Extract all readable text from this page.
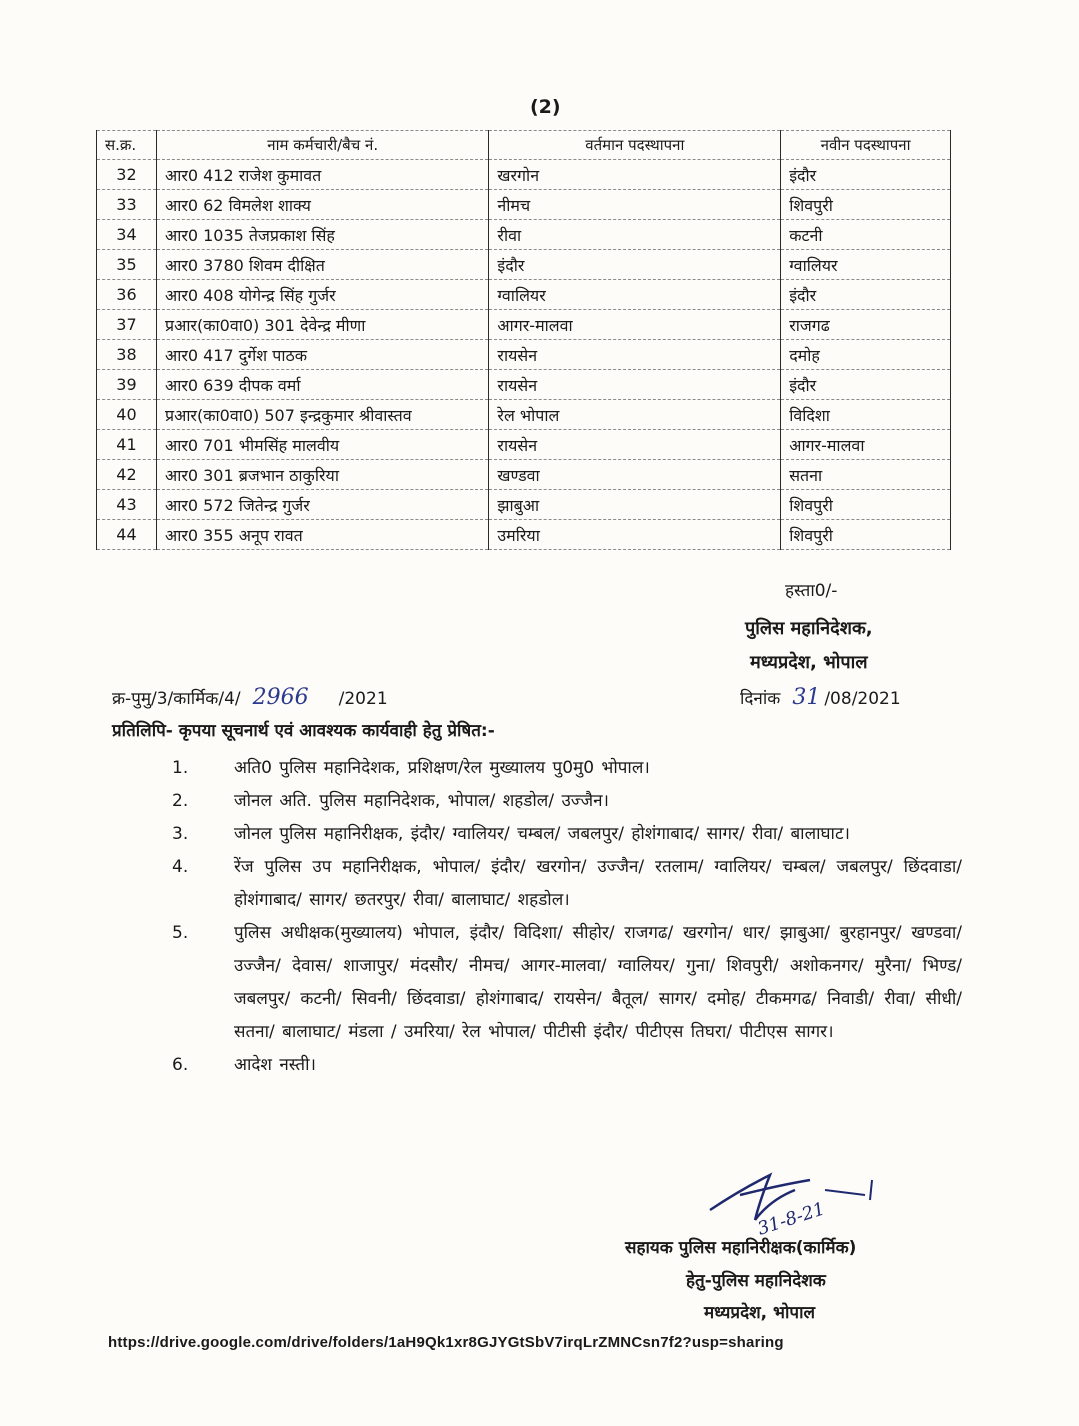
(2)
स.क्र.	नाम कर्मचारी/बैच नं.	वर्तमान पदस्थापना	नवीन पदस्थापना
32	आर0 412 राजेश कुमावत	खरगोन	इंदौर
33	आर0 62 विमलेश शाक्य	नीमच	शिवपुरी
34	आर0 1035 तेजप्रकाश सिंह	रीवा	कटनी
35	आर0 3780 शिवम दीक्षित	इंदौर	ग्वालियर
36	आर0 408 योगेन्द्र सिंह गुर्जर	ग्वालियर	इंदौर
37	प्रआर(का0वा0) 301 देवेन्द्र मीणा	आगर-मालवा	राजगढ
38	आर0 417 दुर्गेश पाठक	रायसेन	दमोह
39	आर0 639 दीपक वर्मा	रायसेन	इंदौर
40	प्रआर(का0वा0) 507 इन्द्रकुमार श्रीवास्तव	रेल भोपाल	विदिशा
41	आर0 701 भीमसिंह मालवीय	रायसेन	आगर-मालवा
42	आर0 301 ब्रजभान ठाकुरिया	खण्डवा	सतना
43	आर0 572 जितेन्द्र गुर्जर	झाबुआ	शिवपुरी
44	आर0 355 अनूप रावत	उमरिया	शिवपुरी
हस्ता0/-
पुलिस महानिदेशक,
मध्यप्रदेश, भोपाल
क्र-पुमु/3/कार्मिक/4/ 2966 /2021	दिनांक 31 /08/2021
प्रतिलिपि- कृपया सूचनार्थ एवं आवश्यक कार्यवाही हेतु प्रेषित:-
1.	अति0 पुलिस महानिदेशक, प्रशिक्षण/रेल मुख्यालय पु0मु0 भोपाल।
2.	जोनल अति. पुलिस महानिदेशक, भोपाल/ शहडोल/ उज्जैन।
3.	जोनल पुलिस महानिरीक्षक, इंदौर/ ग्वालियर/ चम्बल/ जबलपुर/ होशंगाबाद/ सागर/ रीवा/ बालाघाट।
4.	रेंज पुलिस उप महानिरीक्षक, भोपाल/ इंदौर/ खरगोन/ उज्जैन/ रतलाम/ ग्वालियर/ चम्बल/ जबलपुर/ छिंदवाडा/ होशंगाबाद/ सागर/ छतरपुर/ रीवा/ बालाघाट/ शहडोल।
5.	पुलिस अधीक्षक(मुख्यालय) भोपाल, इंदौर/ विदिशा/ सीहोर/ राजगढ/ खरगोन/ धार/ झाबुआ/ बुरहानपुर/ खण्डवा/ उज्जैन/ देवास/ शाजापुर/ मंदसौर/ नीमच/ आगर-मालवा/ ग्वालियर/ गुना/ शिवपुरी/ अशोकनगर/ मुरैना/ भिण्ड/ जबलपुर/ कटनी/ सिवनी/ छिंदवाडा/ होशंगाबाद/ रायसेन/ बैतूल/ सागर/ दमोह/ टीकमगढ/ निवाडी/ रीवा/ सीधी/ सतना/ बालाघाट/ मंडला / उमरिया/ रेल भोपाल/ पीटीसी इंदौर/ पीटीएस तिघरा/ पीटीएस सागर।
6.	आदेश नस्ती।
31-8-21
सहायक पुलिस महानिरीक्षक(कार्मिक)
हेतु-पुलिस महानिदेशक
मध्यप्रदेश, भोपाल
https://drive.google.com/drive/folders/1aH9Qk1xr8GJYGtSbV7irqLrZMNCsn7f2?usp=sharing
